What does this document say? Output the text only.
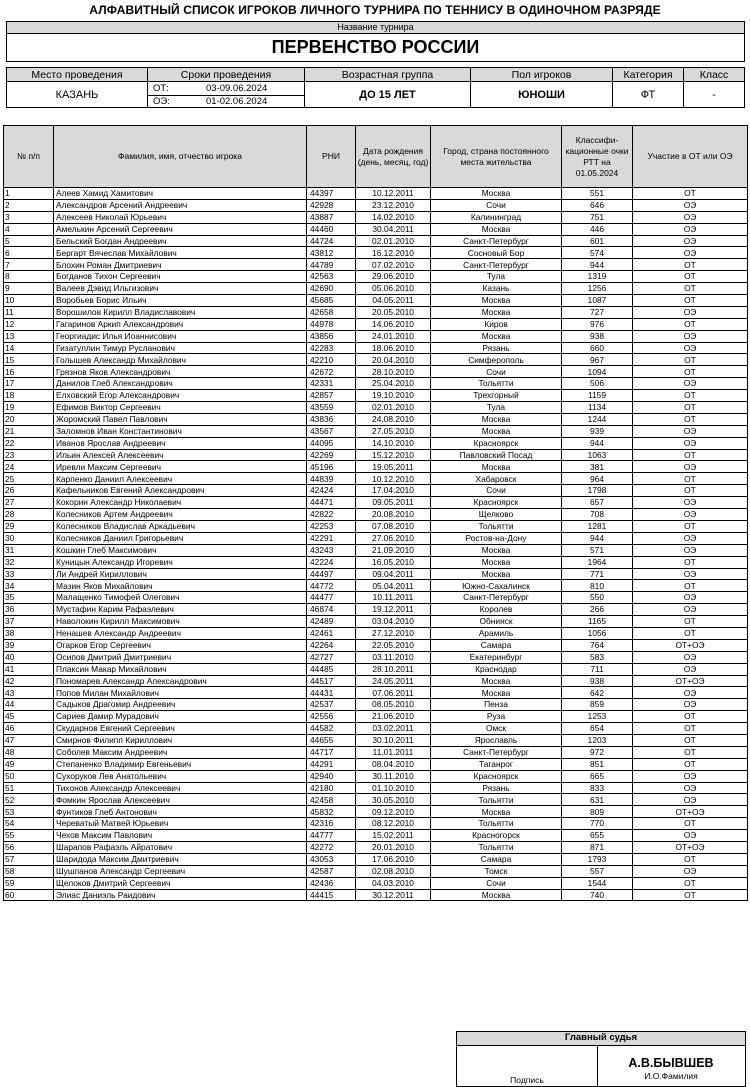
АЛФАВИТНЫЙ СПИСОК ИГРОКОВ ЛИЧНОГО ТУРНИРА ПО ТЕННИСУ В ОДИНОЧНОМ РАЗРЯДЕ
Название турнира
ПЕРВЕНСТВО РОССИИ
Место проведения	Сроки проведения	Возрастная группа	Пол игроков	Категория	Класс
КАЗАНЬ
ОТ:	03-09.06.2024
ОЭ:	01-02.06.2024
ДО 15 ЛЕТ	ЮНОШИ	ФТ	-
№ п/п	Фамилия, имя, отчество игрока	РНИ	Дата рождения (день, месяц, год)	Город, страна постоянного места жительства	Классифи-кационные очки РТТ на 01.05.2024	Участие в ОТ или ОЭ
1	Алеев Хамид Хамитович	44397	10.12.2011	Москва	551	ОТ
2	Александров Арсений Андреевич	42928	23.12.2010	Сочи	646	ОЭ
3	Алексеев Николай Юрьевич	43887	14.02.2010	Калининград	751	ОЭ
4	Амелькин Арсений Сергеевич	44460	30.04.2011	Москва	446	ОЭ
5	Бельский Богдан Андреевич	44724	02.01.2010	Санкт-Петербург	601	ОЭ
6	Бергарт Вячеслав Михайлович	43812	16.12.2010	Сосновый Бор	574	ОЭ
7	Блохин Роман Дмитриевич	44789	07.02.2010	Санкт-Петербург	944	ОТ
8	Богданов Тихон Сергеевич	42563	29.06.2010	Тула	1319	ОТ
9	Валеев Дэвид Ильгизович	42690	05.06.2010	Казань	1256	ОТ
10	Воробьев Борис Ильич	45685	04.05.2011	Москва	1087	ОТ
11	Ворошилов Кирилл Владиславович	42658	20.05.2010	Москва	727	ОЭ
12	Гагаринов Аркип Александрович	44978	14.06.2010	Киров	976	ОТ
13	Георгиадис Илья Иоаннисович	43856	24.01.2010	Москва	938	ОЭ
14	Гизатуллин Тимур Русланович	42283	18.06.2010	Рязань	660	ОЭ
15	Голышев Александр Михайлович	42210	20.04.2010	Симферополь	967	ОТ
16	Грязнов Яков Александрович	42672	28.10.2010	Сочи	1094	ОТ
17	Данилов Глеб Александрович	42331	25.04.2010	Тольятти	506	ОЭ
18	Елховский Егор Александрович	42857	19.10.2010	Трехгорный	1159	ОТ
19	Ефимов Виктор Сергеевич	43559	02.01.2010	Тула	1134	ОТ
20	Жоромский Павел Павлович	43836	24.08.2010	Москва	1244	ОТ
21	Заломнов Иван Константинович	43567	27.05.2010	Москва	939	ОЭ
22	Иванов Ярослав Андреевич	44095	14.10.2010	Красноярск	944	ОЭ
23	Ильин Алексей Алексеевич	42269	15.12.2010	Павловский Посад	1063	ОТ
24	Иревли Максим Сергеевич	45196	19.05.2011	Москва	381	ОЭ
25	Карпенко Даниил Алексеевич	44839	10.12.2010	Хабаровск	964	ОТ
26	Кафельников Евгений Александрович	42424	17.04.2010	Сочи	1798	ОТ
27	Кокорин Александр Николаевич	44471	09.05.2011	Красноярск	657	ОЭ
28	Колесников Артем Андреевич	42822	20.08.2010	Щелково	708	ОЭ
29	Колесников Владислав Аркадьевич	42253	07.08.2010	Тольятти	1281	ОТ
30	Колесников Даниил Григорьевич	42291	27.06.2010	Ростов-на-Дону	944	ОЭ
31	Кошкин Глеб Максимович	43243	21.09.2010	Москва	571	ОЭ
32	Куницын Александр Игоревич	42224	16.05.2010	Москва	1964	ОТ
33	Ли Андрей Кириллович	44497	09.04.2011	Москва	771	ОЭ
34	Мазин Яков Михайлович	44772	05.04.2011	Южно-Сахалинск	810	ОТ
35	Малащенко Тимофей Олегович	44477	10.11.2011	Санкт-Петербург	550	ОЭ
36	Мустафин Карим Рафаэлевич	46874	19.12.2011	Королев	266	ОЭ
37	Наволокин Кирилл Максимович	42489	03.04.2010	Обнинск	1165	ОТ
38	Ненашев Александр Андреевич	42461	27.12.2010	Арамиль	1056	ОТ
39	Огарков Егор Сергеевич	42264	22.05.2010	Самара	764	ОТ+ОЭ
40	Осипов Дмитрий Дмитриевич	42727	03.11.2010	Екатеринбург	583	ОЭ
41	Плаксин Макар Михайлович	44485	28.10.2011	Краснодар	711	ОЭ
42	Пономарев Александр Александрович	44517	24.05.2011	Москва	938	ОТ+ОЭ
43	Попов Милан Михайлович	44431	07.06.2011	Москва	642	ОЭ
44	Садыков Драгомир Андреевич	42537	08.05.2010	Пенза	859	ОЭ
45	Сариев Дамир Мурадович	42556	21.06.2010	Руза	1253	ОТ
46	Скударнов Евгений Сергеевич	44582	03.02.2011	Омск	654	ОТ
47	Смирнов Филипп Кириллович	44655	30.10.2011	Ярославль	1203	ОТ
48	Соболев Максим Андреевич	44717	11.01.2011	Санкт-Петербург	972	ОТ
49	Степаненко Владимир Евгеньевич	44291	08.04.2010	Таганрог	851	ОТ
50	Сухоруков Лев Анатольевич	42940	30.11.2010	Красноярск	665	ОЭ
51	Тихонов Александр Алексеевич	42180	01.10.2010	Рязань	833	ОЭ
52	Фомкин Ярослав Алексеевич	42458	30.05.2010	Тольятти	631	ОЭ
53	Фунтиков Глеб Антонович	45832	09.12.2010	Москва	809	ОТ+ОЭ
54	Череватый Матвей Юрьевич	42316	08.12.2010	Тольятти	770	ОТ
55	Чехов Максим Павлович	44777	15.02.2011	Красногорск	655	ОЭ
56	Шарапов Рафаэль Айратович	42272	20.01.2010	Тольятти	871	ОТ+ОЭ
57	Шаридода Максим Дмитриевич	43053	17.06.2010	Самара	1793	ОТ
58	Шушпанов Александр Сергеевич	42587	02.08.2010	Томск	557	ОЭ
59	Щелоков Дмитрий Сергеевич	42436	04.03.2010	Сочи	1544	ОТ
60	Элиас Даниэль Раидович	44415	30.12.2011	Москва	740	ОТ
Главный судья
Подпись
А.В.БЫВШЕВ
И.О.Фамилия
